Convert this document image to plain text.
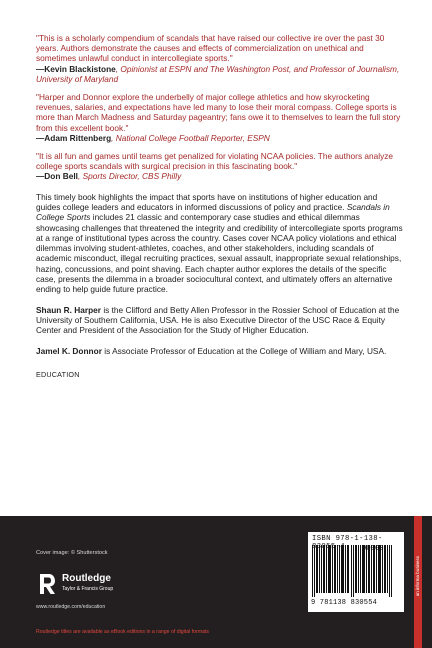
"This is a scholarly compendium of scandals that have raised our collective ire over the past 30 years. Authors demonstrate the causes and effects of commercialization on unethical and sometimes unlawful conduct in intercollegiate sports."
—Kevin Blackistone, Opinionist at ESPN and The Washington Post, and Professor of Journalism, University of Maryland
"Harper and Donnor explore the underbelly of major college athletics and how skyrocketing revenues, salaries, and expectations have led many to lose their moral compass. College sports is more than March Madness and Saturday pageantry; fans owe it to themselves to learn the full story from this excellent book."
—Adam Rittenberg, National College Football Reporter, ESPN
"It is all fun and games until teams get penalized for violating NCAA policies. The authors analyze college sports scandals with surgical precision in this fascinating book."
—Don Bell, Sports Director, CBS Philly
This timely book highlights the impact that sports have on institutions of higher education and guides college leaders and educators in informed discussions of policy and practice. Scandals in College Sports includes 21 classic and contemporary case studies and ethical dilemmas showcasing challenges that threatened the integrity and credibility of intercollegiate sports programs at a range of institutional types across the country. Cases cover NCAA policy violations and ethical dilemmas involving student-athletes, coaches, and other stakeholders, including scandals of academic misconduct, illegal recruiting practices, sexual assault, inappropriate sexual relationships, hazing, concussions, and point shaving. Each chapter author explores the details of the specific case, presents the dilemma in a broader sociocultural context, and ultimately offers an alternative ending to help guide future practice.
Shaun R. Harper is the Clifford and Betty Allen Professor in the Rossier School of Education at the University of Southern California, USA. He is also Executive Director of the USC Race & Equity Center and President of the Association for the Study of Higher Education.
Jamel K. Donnor is Associate Professor of Education at the College of William and Mary, USA.
EDUCATION
Cover image: © Shutterstock
Routledge
Taylor & Francis Group
www.routledge.com/education
Routledge titles are available as eBook editions in a range of digital formats
ISBN 978-1-138- 055-4
9 781138 830554
90000
an informa business
